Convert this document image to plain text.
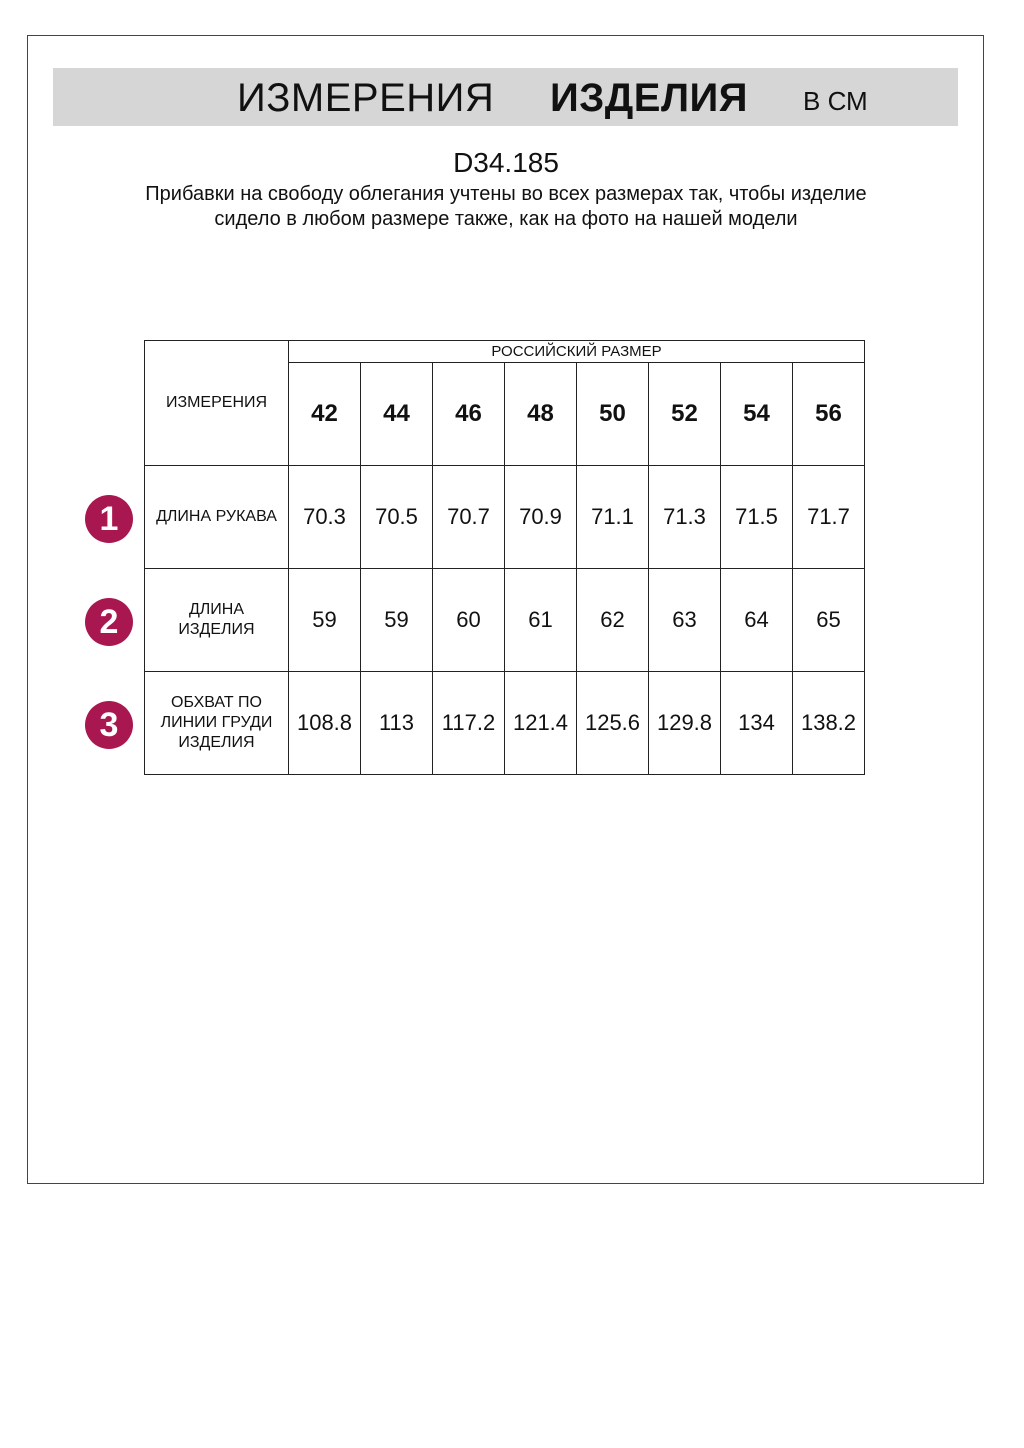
ИЗМЕРЕНИЯ ИЗДЕЛИЯ В СМ
D34.185
Прибавки на свободу облегания учтены во всех размерах так, чтобы изделие сидело в любом размере также, как на фото на нашей модели
ИЗМЕРЕНИЯ	РОССИЙСКИЙ РАЗМЕР							
	42	44	46	48	50	52	54	56
ДЛИНА РУКАВА	70.3	70.5	70.7	70.9	71.1	71.3	71.5	71.7
ДЛИНА ИЗДЕЛИЯ	59	59	60	61	62	63	64	65
ОБХВАТ ПО ЛИНИИ ГРУДИ ИЗДЕЛИЯ	108.8	113	117.2	121.4	125.6	129.8	134	138.2
1
2
3
